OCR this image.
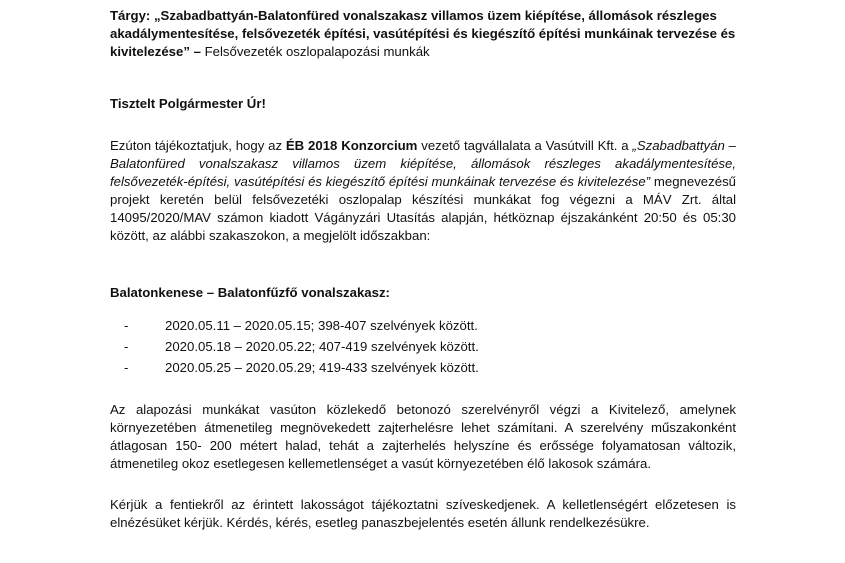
Tárgy: „Szabadbattyán-Balatonfüred vonalszakasz villamos üzem kiépítése, állomások részleges akadálymentesítése, felsővezeték építési, vasútépítési és kiegészítő építési munkáinak tervezése és kivitelezése” – Felsővezeték oszlopalapozási munkák
Tisztelt Polgármester Úr!
Ezúton tájékoztatjuk, hogy az ÉB 2018 Konzorcium vezető tagvállalata a Vasútvill Kft. a „Szabadbattyán – Balatonfüred vonalszakasz villamos üzem kiépítése, állomások részleges akadálymentesítése, felsővezeték-építési, vasútépítési és kiegészítő építési munkáinak tervezése és kivitelezése” megnevezésű projekt keretén belül felsővezetéki oszlopalap készítési munkákat fog végezni a MÁV Zrt. által 14095/2020/MAV számon kiadott Vágányzári Utasítás alapján, hétköznap éjszakánként 20:50 és 05:30 között, az alábbi szakaszokon, a megjelölt időszakban:
Balatonkenese – Balatonfűzfő vonalszakasz:
-	2020.05.11 – 2020.05.15; 398-407 szelvények között.
-	2020.05.18 – 2020.05.22; 407-419 szelvények között.
-	2020.05.25 – 2020.05.29; 419-433 szelvények között.
Az alapozási munkákat vasúton közlekedő betonozó szerelvényről végzi a Kivitelező, amelynek környezetében átmenetileg megnövekedett zajterhelésre lehet számítani. A szerelvény műszakonként átlagosan 150- 200 métert halad, tehát a zajterhelés helyszíne és erőssége folyamatosan változik, átmenetileg okoz esetlegesen kellemetlenséget a vasút környezetében élő lakosok számára.
Kérjük a fentiekről az érintett lakosságot tájékoztatni szíveskedjenek. A kelletlenségért előzetesen is elnézésüket kérjük. Kérdés, kérés, esetleg panaszbejelentés esetén állunk rendelkezésükre.
